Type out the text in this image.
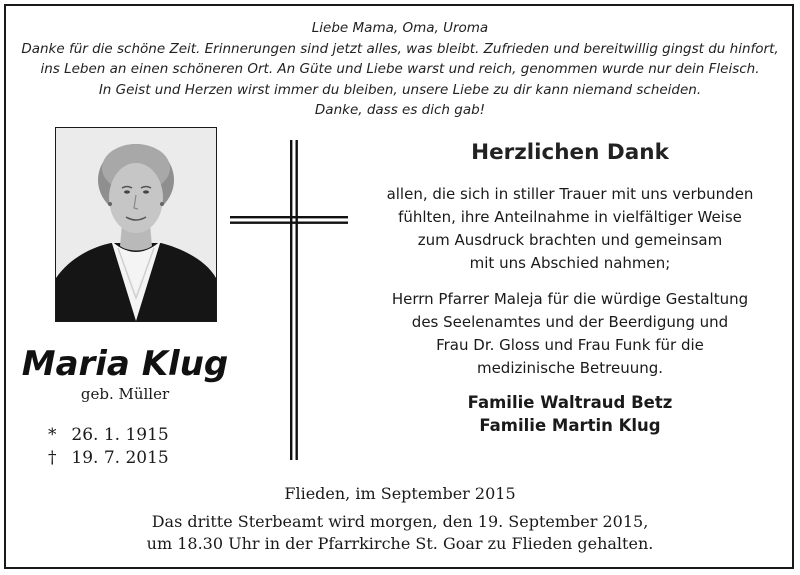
Liebe Mama, Oma, Uroma
Danke für die schöne Zeit. Erinnerungen sind jetzt alles, was bleibt. Zufrieden und bereitwillig gingst du hinfort,
ins Leben an einen schöneren Ort. An Güte und Liebe warst und reich, genommen wurde nur dein Fleisch.
In Geist und Herzen wirst immer du bleiben, unsere Liebe zu dir kann niemand scheiden.
Danke, dass es dich gab!
Maria Klug
geb. Müller
* 26. 1. 1915
† 19. 7. 2015
Herzlichen Dank
allen, die sich in stiller Trauer mit uns verbunden
fühlten, ihre Anteilnahme in vielfältiger Weise
zum Ausdruck brachten und gemeinsam
mit uns Abschied nahmen;
Herrn Pfarrer Maleja für die würdige Gestaltung
des Seelenamtes und der Beerdigung und
Frau Dr. Gloss und Frau Funk für die
medizinische Betreuung.
Familie Waltraud Betz
Familie Martin Klug
Flieden, im September 2015
Das dritte Sterbeamt wird morgen, den 19. September 2015,
um 18.30 Uhr in der Pfarrkirche St. Goar zu Flieden gehalten.
